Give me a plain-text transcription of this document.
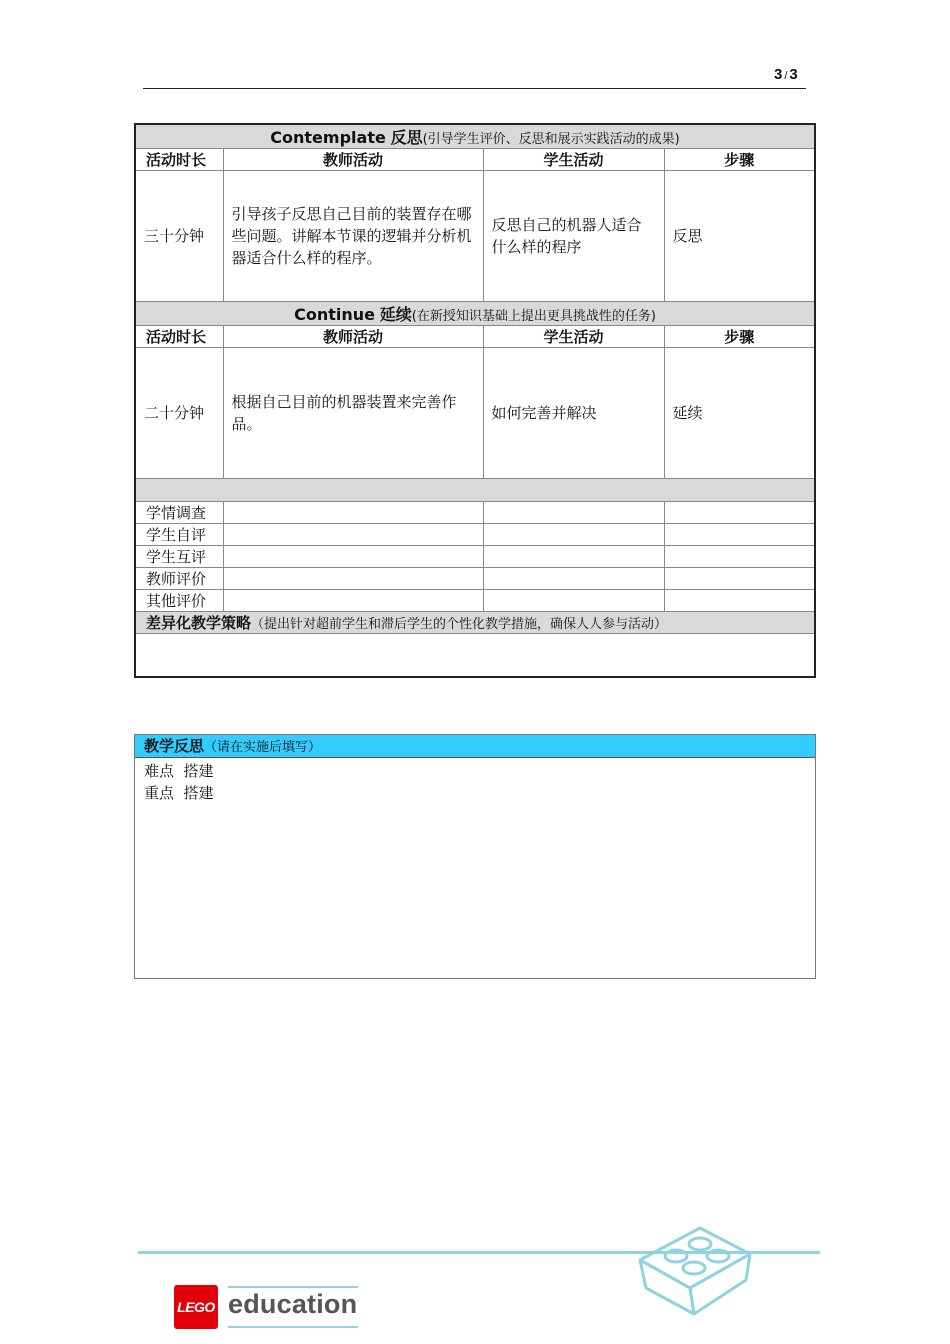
3 / 3
Contemplate 反思(引导学生评价、反思和展示实践活动的成果)			
活动时长	教师活动	学生活动	步骤
三十分钟	引导孩子反思自己目前的装置存在哪些问题。讲解本节课的逻辑并分析机器适合什么样的程序。	反思自己的机器人适合什么样的程序	反思
Continue 延续(在新授知识基础上提出更具挑战性的任务)			
活动时长	教师活动	学生活动	步骤
二十分钟	根据自己目前的机器装置来完善作品。	如何完善并解决	延续

学情调查			
学生自评			
学生互评			
教师评价			
其他评价			
差异化教学策略（提出针对超前学生和滞后学生的个性化教学措施，确保人人参与活动）			

教学反思（请在实施后填写）
难点  搭建
重点  搭建
LEGO education
